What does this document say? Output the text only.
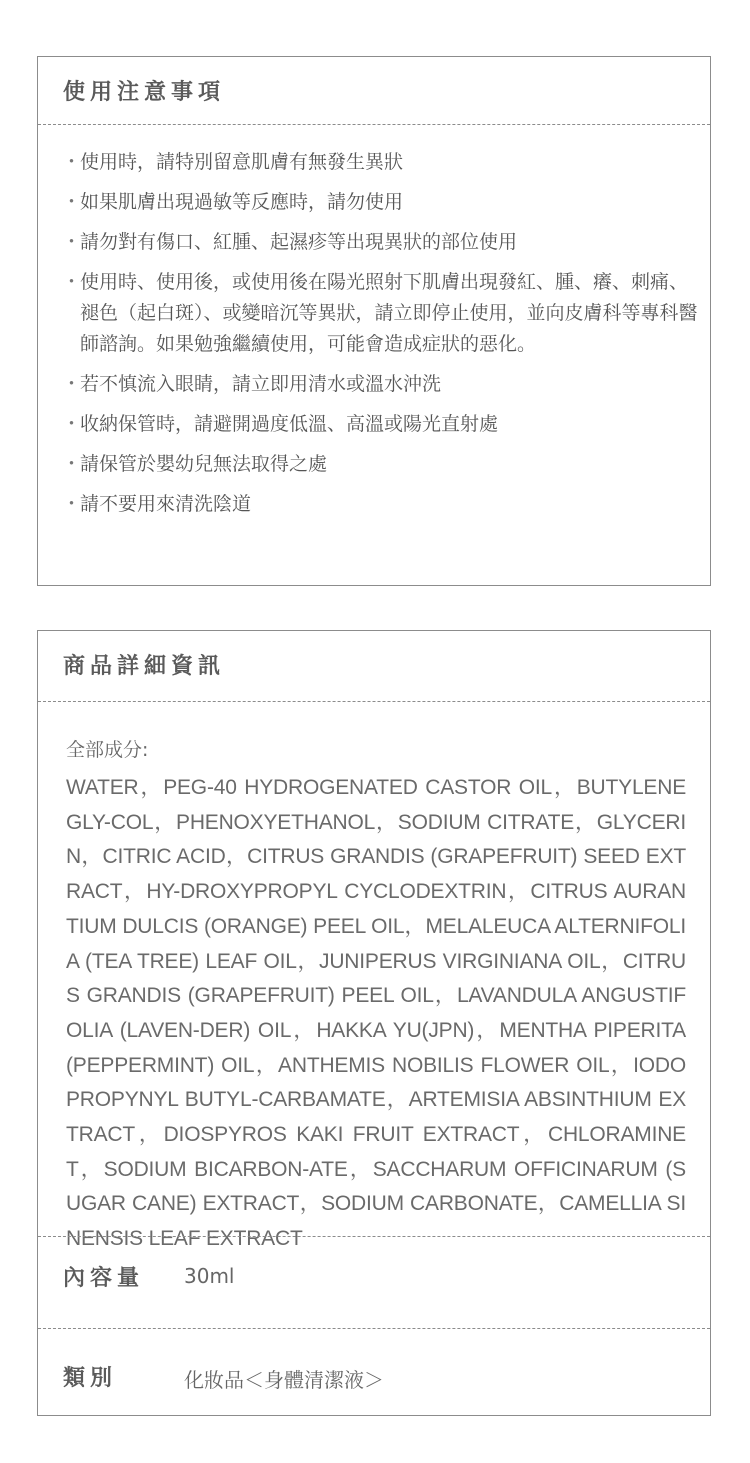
使用注意事項
・
使用時，請特別留意肌膚有無發生異狀
・
如果肌膚出現過敏等反應時，請勿使用
・
請勿對有傷口、紅腫、起濕疹等出現異狀的部位使用
・
使用時、使用後，或使用後在陽光照射下肌膚出現發紅、腫、癢、刺痛、褪色（起白斑）、或變暗沉等異狀，請立即停止使用，並向皮膚科等專科醫師諮詢。如果勉強繼續使用，可能會造成症狀的惡化。
・
若不慎流入眼睛，請立即用清水或溫水沖洗
・
收納保管時，請避開過度低溫、高溫或陽光直射處
・
請保管於嬰幼兒無法取得之處
・
請不要用來清洗陰道
商品詳細資訊
全部成分:
WATER，PEG-40 HYDROGENATED CASTOR OIL，BUTYLENE GLY-COL，PHENOXYETHANOL，SODIUM CITRATE，GLYCERIN，CITRIC ACID，CITRUS GRANDIS (GRAPEFRUIT) SEED EXTRACT，HY-DROXYPROPYL CYCLODEXTRIN，CITRUS AURANTIUM DULCIS (ORANGE) PEEL OIL，MELALEUCA ALTERNIFOLIA (TEA TREE) LEAF OIL，JUNIPERUS VIRGINIANA OIL，CITRUS GRANDIS (GRAPEFRUIT) PEEL OIL，LAVANDULA ANGUSTIFOLIA (LAVEN-DER) OIL，HAKKA YU(JPN)，MENTHA PIPERITA (PEPPERMINT) OIL，ANTHEMIS NOBILIS FLOWER OIL，IODOPROPYNYL BUTYL-CARBAMATE，ARTEMISIA ABSINTHIUM EXTRACT，DIOSPYROS KAKI FRUIT EXTRACT，CHLORAMINE T，SODIUM BICARBON-ATE，SACCHARUM OFFICINARUM (SUGAR CANE) EXTRACT，SODIUM CARBONATE，CAMELLIA SINENSIS LEAF EXTRACT
內容量 30ml
類別	化妝品＜身體清潔液＞
